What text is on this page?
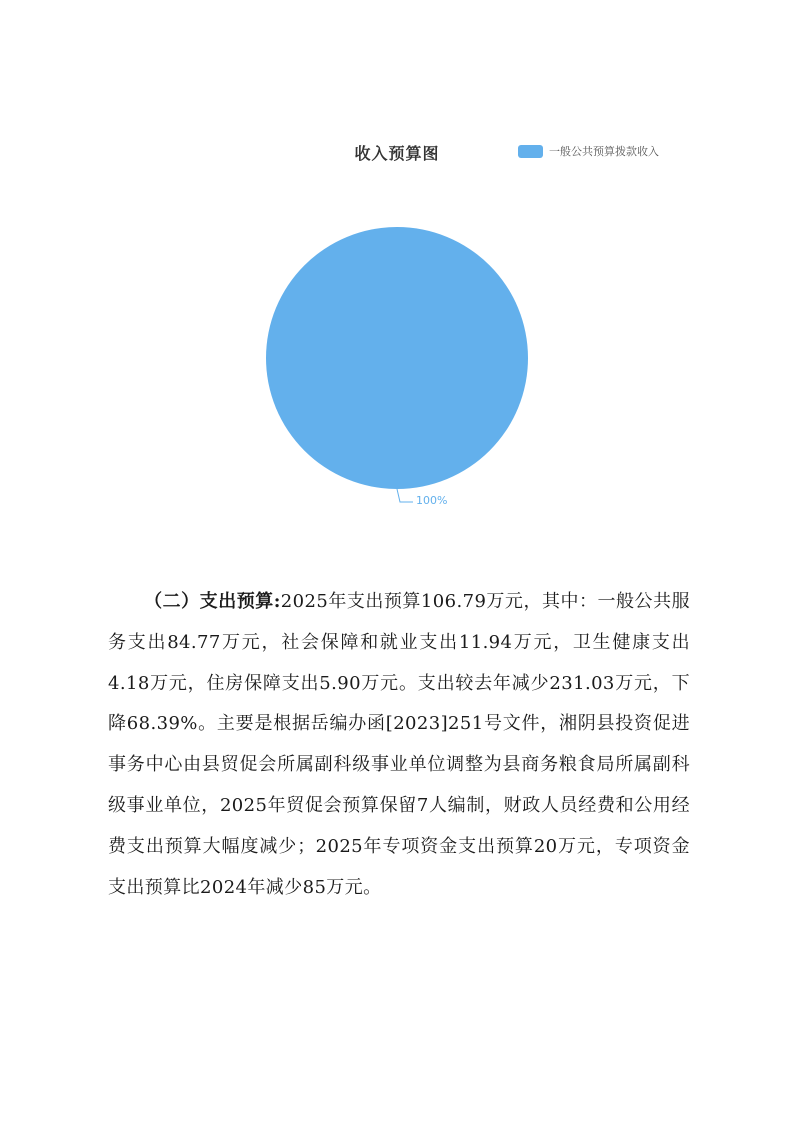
收入预算图	一般公共预算拨款收入
100%
（二）支出预算:2025年支出预算106.79万元，其中：一般公共服务支出84.77万元，社会保障和就业支出11.94万元，卫生健康支出4.18万元，住房保障支出5.90万元。支出较去年减少231.03万元，下降68.39%。主要是根据岳编办函[2023]251号文件，湘阴县投资促进事务中心由县贸促会所属副科级事业单位调整为县商务粮食局所属副科级事业单位，2025年贸促会预算保留7人编制，财政人员经费和公用经费支出预算大幅度减少；2025年专项资金支出预算20万元，专项资金支出预算比2024年减少85万元。
